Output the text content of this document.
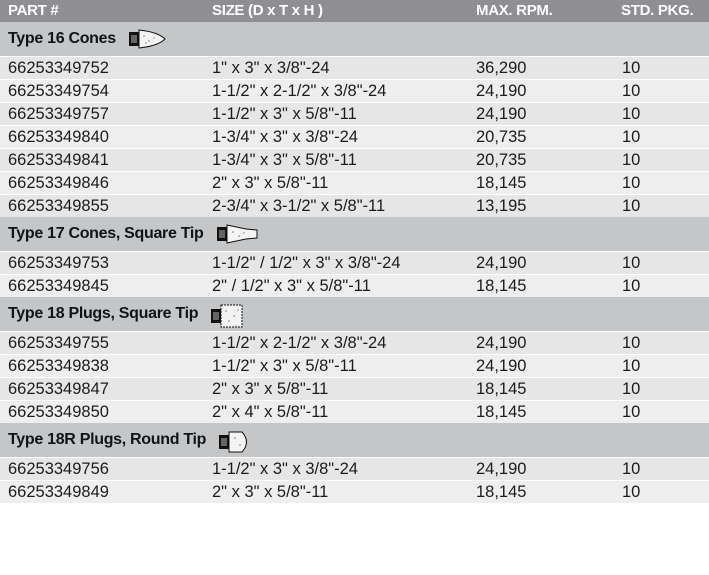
PART #	SIZE (D x T x H )	MAX. RPM.	STD. PKG.
Type 16 Cones
66253349752	1" x 3" x 3/8"-24	36,290	10
66253349754	1-1/2" x 2-1/2" x 3/8"-24	24,190	10
66253349757	1-1/2" x 3" x 5/8"-11	24,190	10
66253349840	1-3/4" x 3" x 3/8"-24	20,735	10
66253349841	1-3/4" x 3" x 5/8"-11	20,735	10
66253349846	2" x 3" x 5/8"-11	18,145	10
66253349855	2-3/4" x 3-1/2" x 5/8"-11	13,195	10
Type 17 Cones, Square Tip
66253349753	1-1/2" / 1/2" x 3" x 3/8"-24	24,190	10
66253349845	2" / 1/2" x 3" x 5/8"-11	18,145	10
Type 18 Plugs, Square Tip
66253349755	1-1/2" x 2-1/2" x 3/8"-24	24,190	10
66253349838	1-1/2" x 3" x 5/8"-11	24,190	10
66253349847	2" x 3" x 5/8"-11	18,145	10
66253349850	2" x 4" x 5/8"-11	18,145	10
Type 18R Plugs, Round Tip
66253349756	1-1/2" x 3" x 3/8"-24	24,190	10
66253349849	2" x 3" x 5/8"-11	18,145	10
